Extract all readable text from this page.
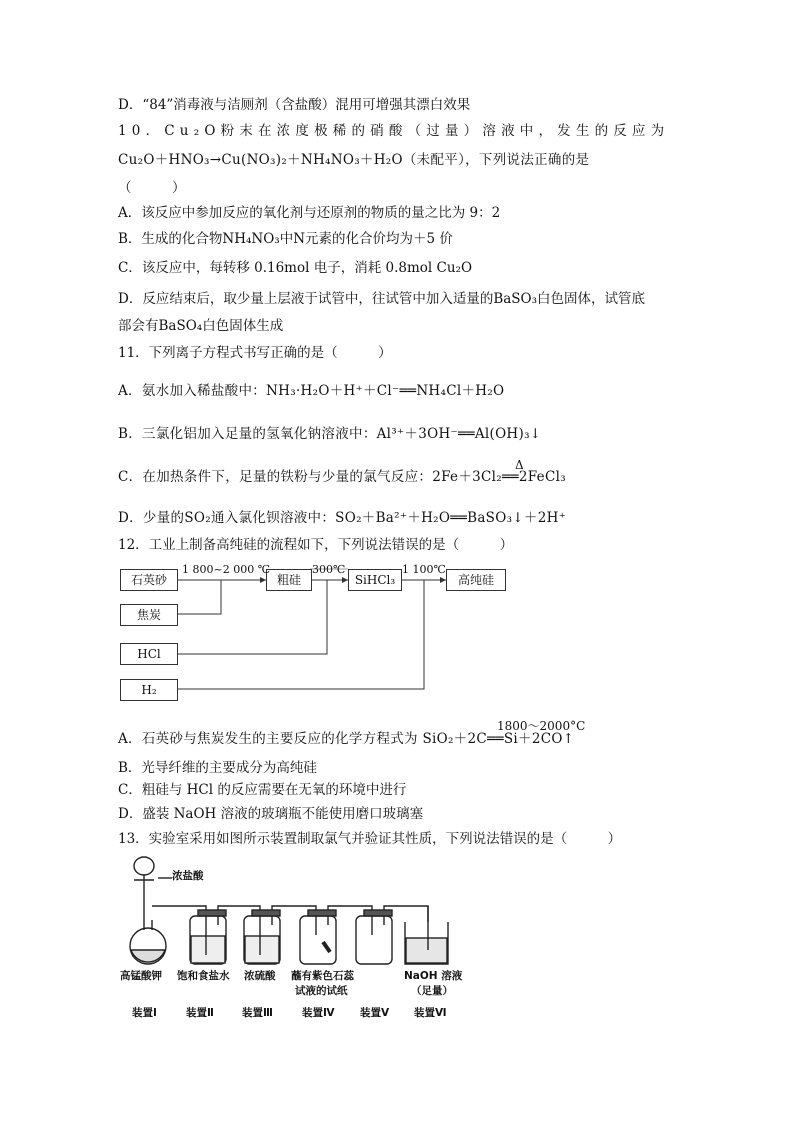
D．“84”消毒液与洁厕剂（含盐酸）混用可增强其漂白效果
10．Cu₂O粉末在浓度极稀的硝酸（过量）溶液中，发生的反应为
Cu₂O＋HNO₃→Cu(NO₃)₂＋NH₄NO₃＋H₂O（未配平），下列说法正确的是
（　　　）
A．该反应中参加反应的氧化剂与还原剂的物质的量之比为 9：2
B．生成的化合物NH₄NO₃中N元素的化合价均为＋5 价
C．该反应中，每转移 0.16mol 电子，消耗 0.8mol Cu₂O
D．反应结束后，取少量上层液于试管中，往试管中加入适量的BaSO₃白色固体，试管底
部会有BaSO₄白色固体生成
11．下列离子方程式书写正确的是（　　　）
A．氨水加入稀盐酸中：NH₃·H₂O＋H⁺＋Cl⁻══NH₄Cl＋H₂O
B．三氯化铝加入足量的氢氧化钠溶液中：Al³⁺＋3OH⁻══Al(OH)₃↓
Δ
C．在加热条件下，足量的铁粉与少量的氯气反应：2Fe＋3Cl₂══2FeCl₃
D．少量的SO₂通入氯化钡溶液中：SO₂＋Ba²⁺＋H₂O══BaSO₃↓＋2H⁺
12．工业上制备高纯硅的流程如下，下列说法错误的是（　　　）
石英砂
焦炭
HCl
H₂
粗硅	SiHCl₃	高纯硅
1 800~2 000 ℃	300℃	1 100℃
1800～2000°C
A．石英砂与焦炭发生的主要反应的化学方程式为 SiO₂＋2C══Si＋2CO↑
B．光导纤维的主要成分为高纯硅
C．粗硅与 HCl 的反应需要在无氧的环境中进行
D．盛装 NaOH 溶液的玻璃瓶不能使用磨口玻璃塞
13．实验室采用如图所示装置制取氯气并验证其性质，下列说法错误的是（　　　）
浓盐酸
高锰酸钾 饱和食盐水 浓硫酸 蘸有紫色石蕊	NaOH 溶液
试液的试纸	（足量）
装置Ⅰ	装置Ⅱ	装置Ⅲ	装置Ⅳ 装置Ⅴ 装置Ⅵ
